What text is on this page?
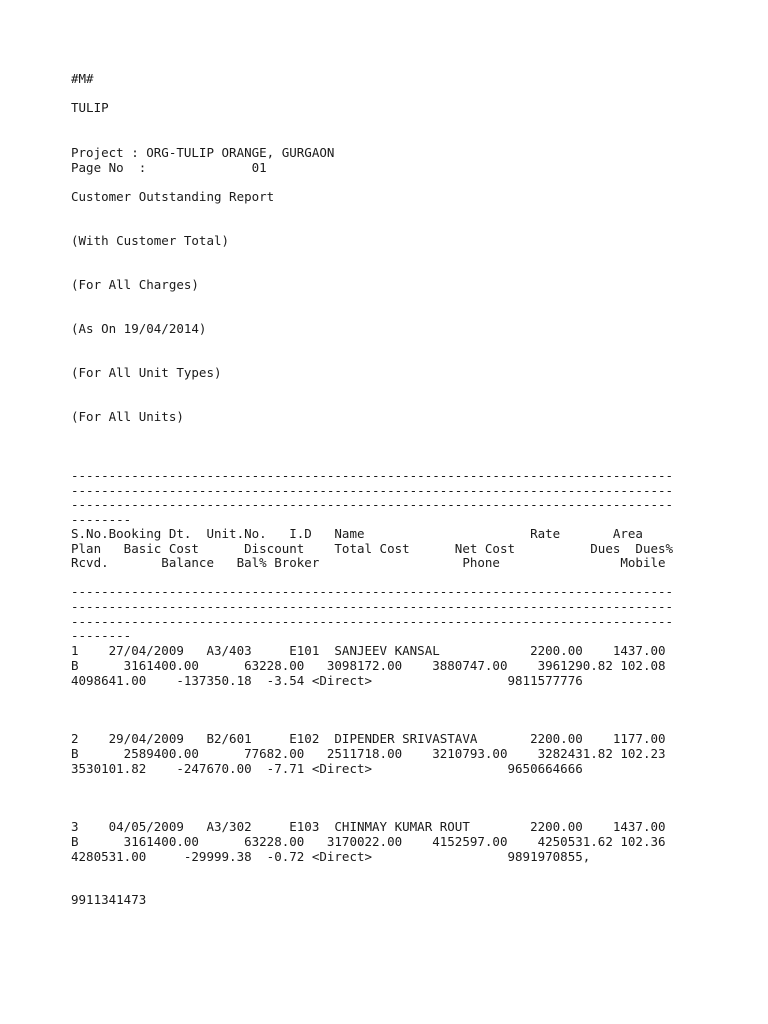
#M#

TULIP

Project : ORG-TULIP ORANGE, GURGAON

Page No  :              01

Customer Outstanding Report

(With Customer Total)

(For All Charges)

(As On 19/04/2014)

(For All Unit Types)

(For All Units)

--------------------------------------------------------------------------------

--------------------------------------------------------------------------------

--------------------------------------------------------------------------------

--------

S.No.Booking Dt.  Unit.No.   I.D   Name                      Rate       Area

Plan   Basic Cost      Discount    Total Cost      Net Cost          Dues  Dues%

Rcvd.       Balance   Bal% Broker                   Phone                Mobile

--------------------------------------------------------------------------------

--------------------------------------------------------------------------------

--------------------------------------------------------------------------------

--------

1    27/04/2009   A3/403     E101  SANJEEV KANSAL            2200.00    1437.00

B      3161400.00      63228.00   3098172.00    3880747.00    3961290.82 102.08

4098641.00    -137350.18  -3.54 <Direct>                  9811577776

2    29/04/2009   B2/601     E102  DIPENDER SRIVASTAVA       2200.00    1177.00

B      2589400.00      77682.00   2511718.00    3210793.00    3282431.82 102.23

3530101.82    -247670.00  -7.71 <Direct>                  9650664666

3    04/05/2009   A3/302     E103  CHINMAY KUMAR ROUT        2200.00    1437.00

B      3161400.00      63228.00   3170022.00    4152597.00    4250531.62 102.36

4280531.00     -29999.38  -0.72 <Direct>                  9891970855,

9911341473
